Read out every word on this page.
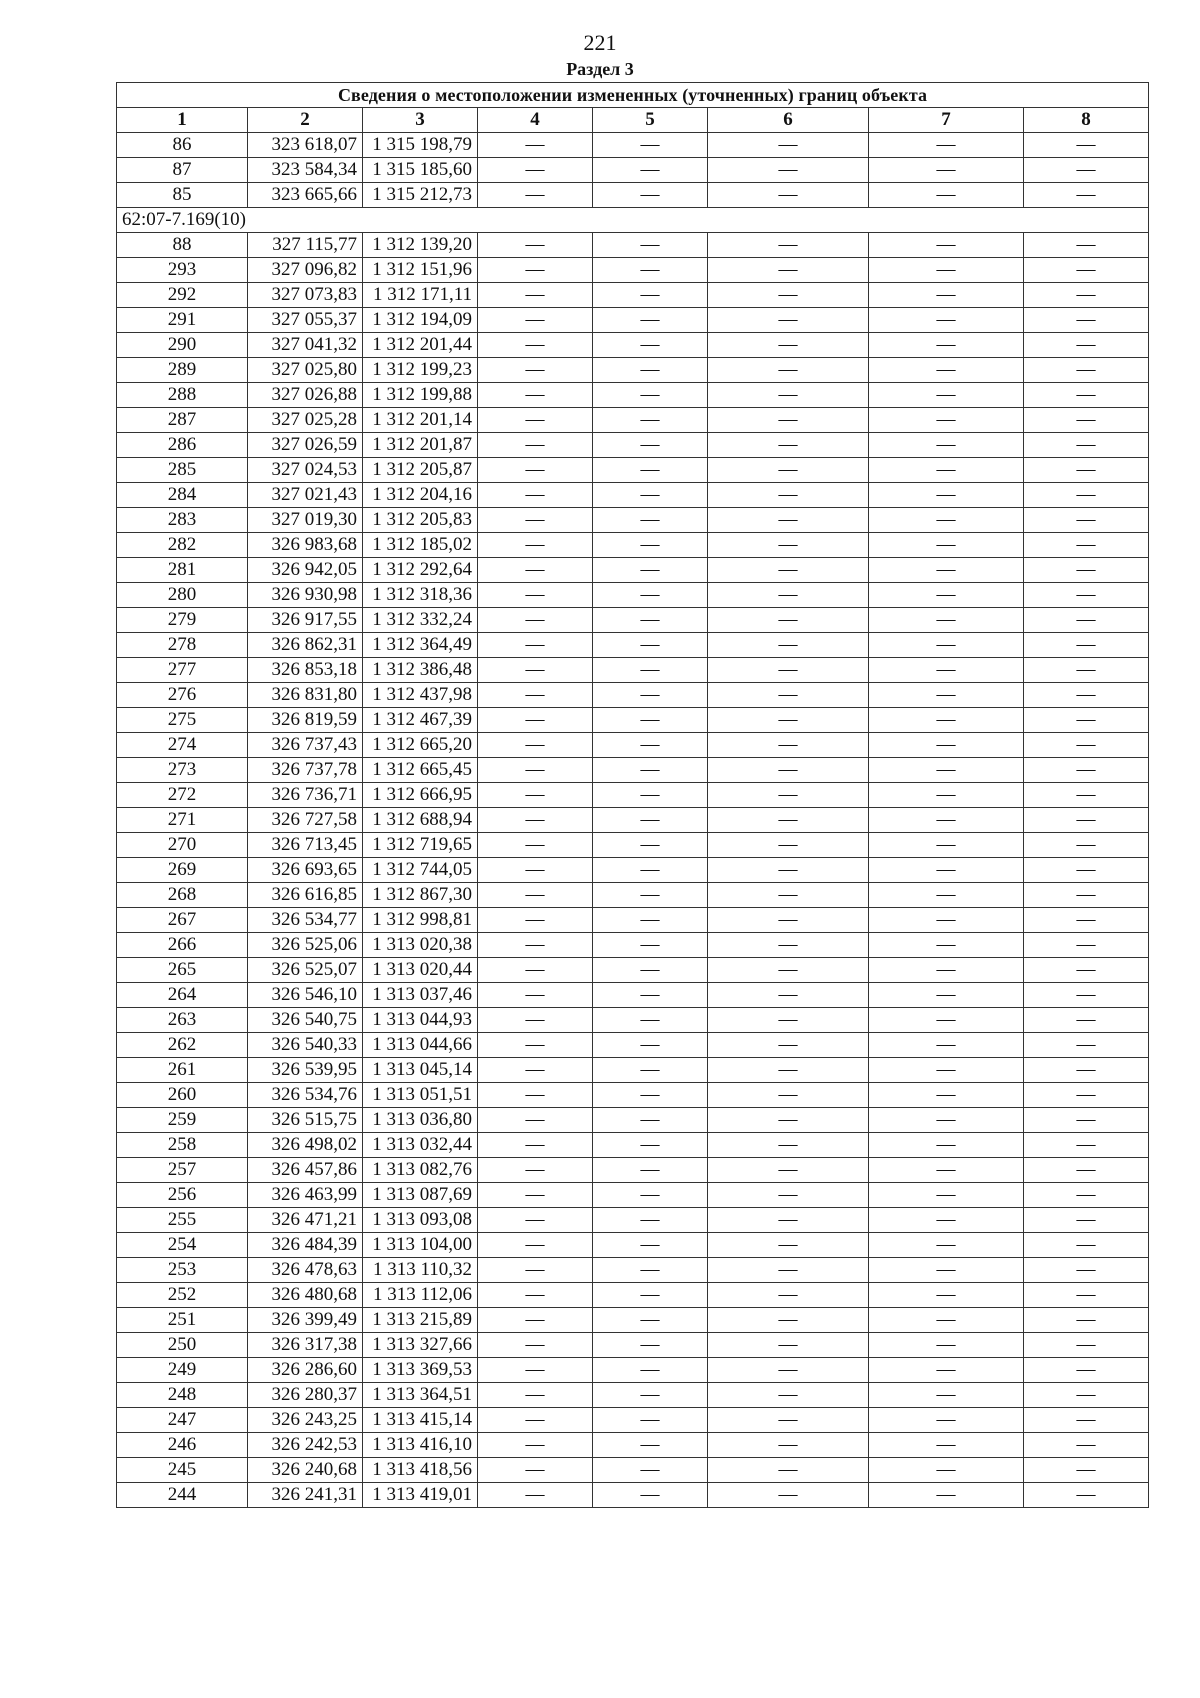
221
Раздел 3
Сведения о местоположении измененных (уточненных) границ объекта							
1	2	3	4	5	6	7	8
86	323 618,07	1 315 198,79	—	—	—	—	—
87	323 584,34	1 315 185,60	—	—	—	—	—
85	323 665,66	1 315 212,73	—	—	—	—	—
62:07-7.169(10)							
88	327 115,77	1 312 139,20	—	—	—	—	—
293	327 096,82	1 312 151,96	—	—	—	—	—
292	327 073,83	1 312 171,11	—	—	—	—	—
291	327 055,37	1 312 194,09	—	—	—	—	—
290	327 041,32	1 312 201,44	—	—	—	—	—
289	327 025,80	1 312 199,23	—	—	—	—	—
288	327 026,88	1 312 199,88	—	—	—	—	—
287	327 025,28	1 312 201,14	—	—	—	—	—
286	327 026,59	1 312 201,87	—	—	—	—	—
285	327 024,53	1 312 205,87	—	—	—	—	—
284	327 021,43	1 312 204,16	—	—	—	—	—
283	327 019,30	1 312 205,83	—	—	—	—	—
282	326 983,68	1 312 185,02	—	—	—	—	—
281	326 942,05	1 312 292,64	—	—	—	—	—
280	326 930,98	1 312 318,36	—	—	—	—	—
279	326 917,55	1 312 332,24	—	—	—	—	—
278	326 862,31	1 312 364,49	—	—	—	—	—
277	326 853,18	1 312 386,48	—	—	—	—	—
276	326 831,80	1 312 437,98	—	—	—	—	—
275	326 819,59	1 312 467,39	—	—	—	—	—
274	326 737,43	1 312 665,20	—	—	—	—	—
273	326 737,78	1 312 665,45	—	—	—	—	—
272	326 736,71	1 312 666,95	—	—	—	—	—
271	326 727,58	1 312 688,94	—	—	—	—	—
270	326 713,45	1 312 719,65	—	—	—	—	—
269	326 693,65	1 312 744,05	—	—	—	—	—
268	326 616,85	1 312 867,30	—	—	—	—	—
267	326 534,77	1 312 998,81	—	—	—	—	—
266	326 525,06	1 313 020,38	—	—	—	—	—
265	326 525,07	1 313 020,44	—	—	—	—	—
264	326 546,10	1 313 037,46	—	—	—	—	—
263	326 540,75	1 313 044,93	—	—	—	—	—
262	326 540,33	1 313 044,66	—	—	—	—	—
261	326 539,95	1 313 045,14	—	—	—	—	—
260	326 534,76	1 313 051,51	—	—	—	—	—
259	326 515,75	1 313 036,80	—	—	—	—	—
258	326 498,02	1 313 032,44	—	—	—	—	—
257	326 457,86	1 313 082,76	—	—	—	—	—
256	326 463,99	1 313 087,69	—	—	—	—	—
255	326 471,21	1 313 093,08	—	—	—	—	—
254	326 484,39	1 313 104,00	—	—	—	—	—
253	326 478,63	1 313 110,32	—	—	—	—	—
252	326 480,68	1 313 112,06	—	—	—	—	—
251	326 399,49	1 313 215,89	—	—	—	—	—
250	326 317,38	1 313 327,66	—	—	—	—	—
249	326 286,60	1 313 369,53	—	—	—	—	—
248	326 280,37	1 313 364,51	—	—	—	—	—
247	326 243,25	1 313 415,14	—	—	—	—	—
246	326 242,53	1 313 416,10	—	—	—	—	—
245	326 240,68	1 313 418,56	—	—	—	—	—
244	326 241,31	1 313 419,01	—	—	—	—	—
